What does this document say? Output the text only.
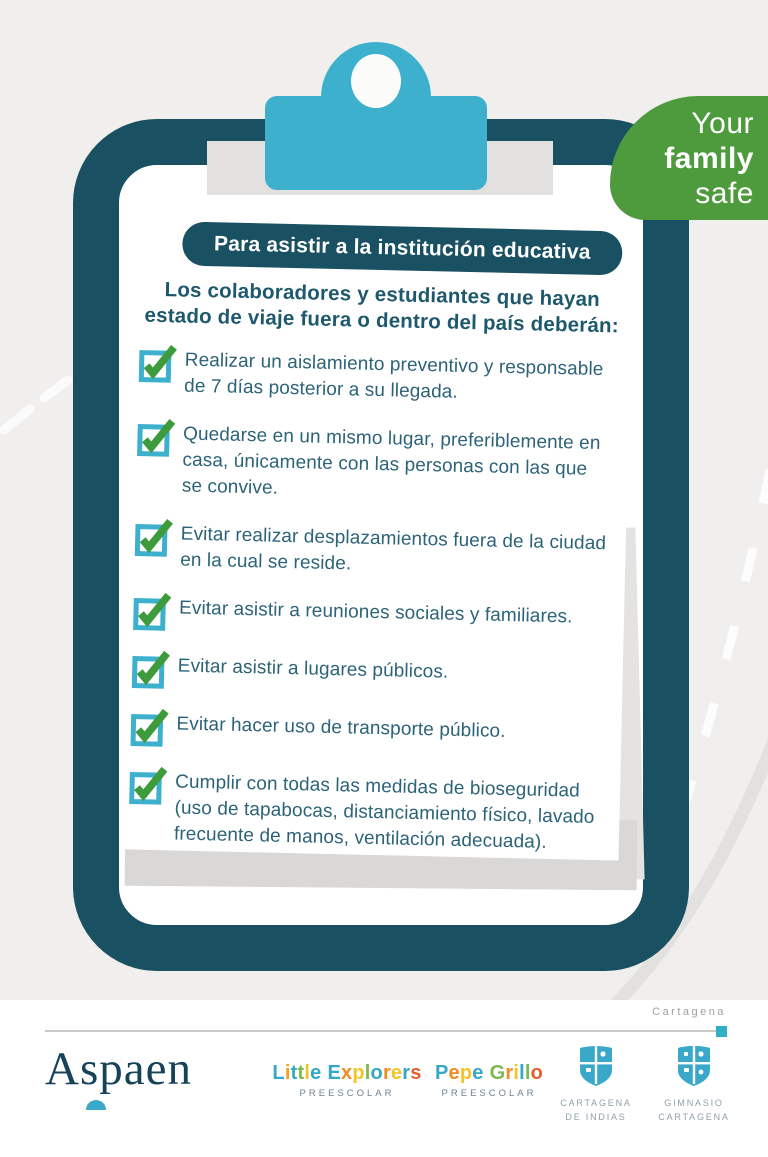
Para asistir a la institución educativa
Los colaboradores y estudiantes que hayan
estado de viaje fuera o dentro del país deberán:
Realizar un aislamiento preventivo y responsable
de 7 días posterior a su llegada.
Quedarse en un mismo lugar, preferiblemente en
casa, únicamente con las personas con las que
se convive.
Evitar realizar desplazamientos fuera de la ciudad
en la cual se reside.
Evitar asistir a reuniones sociales y familiares.
Evitar asistir a lugares públicos.
Evitar hacer uso de transporte público.
Cumplir con todas las medidas de bioseguridad
(uso de tapabocas, distanciamiento físico, lavado
frecuente de manos, ventilación adecuada).
Your
family
safe
Cartagena
Aspaen	Little Explorers
PREESCOLAR
Pepe Grillo
PREESCOLAR
CARTAGENA
DE INDIAS
GIMNASIO
CARTAGENA
